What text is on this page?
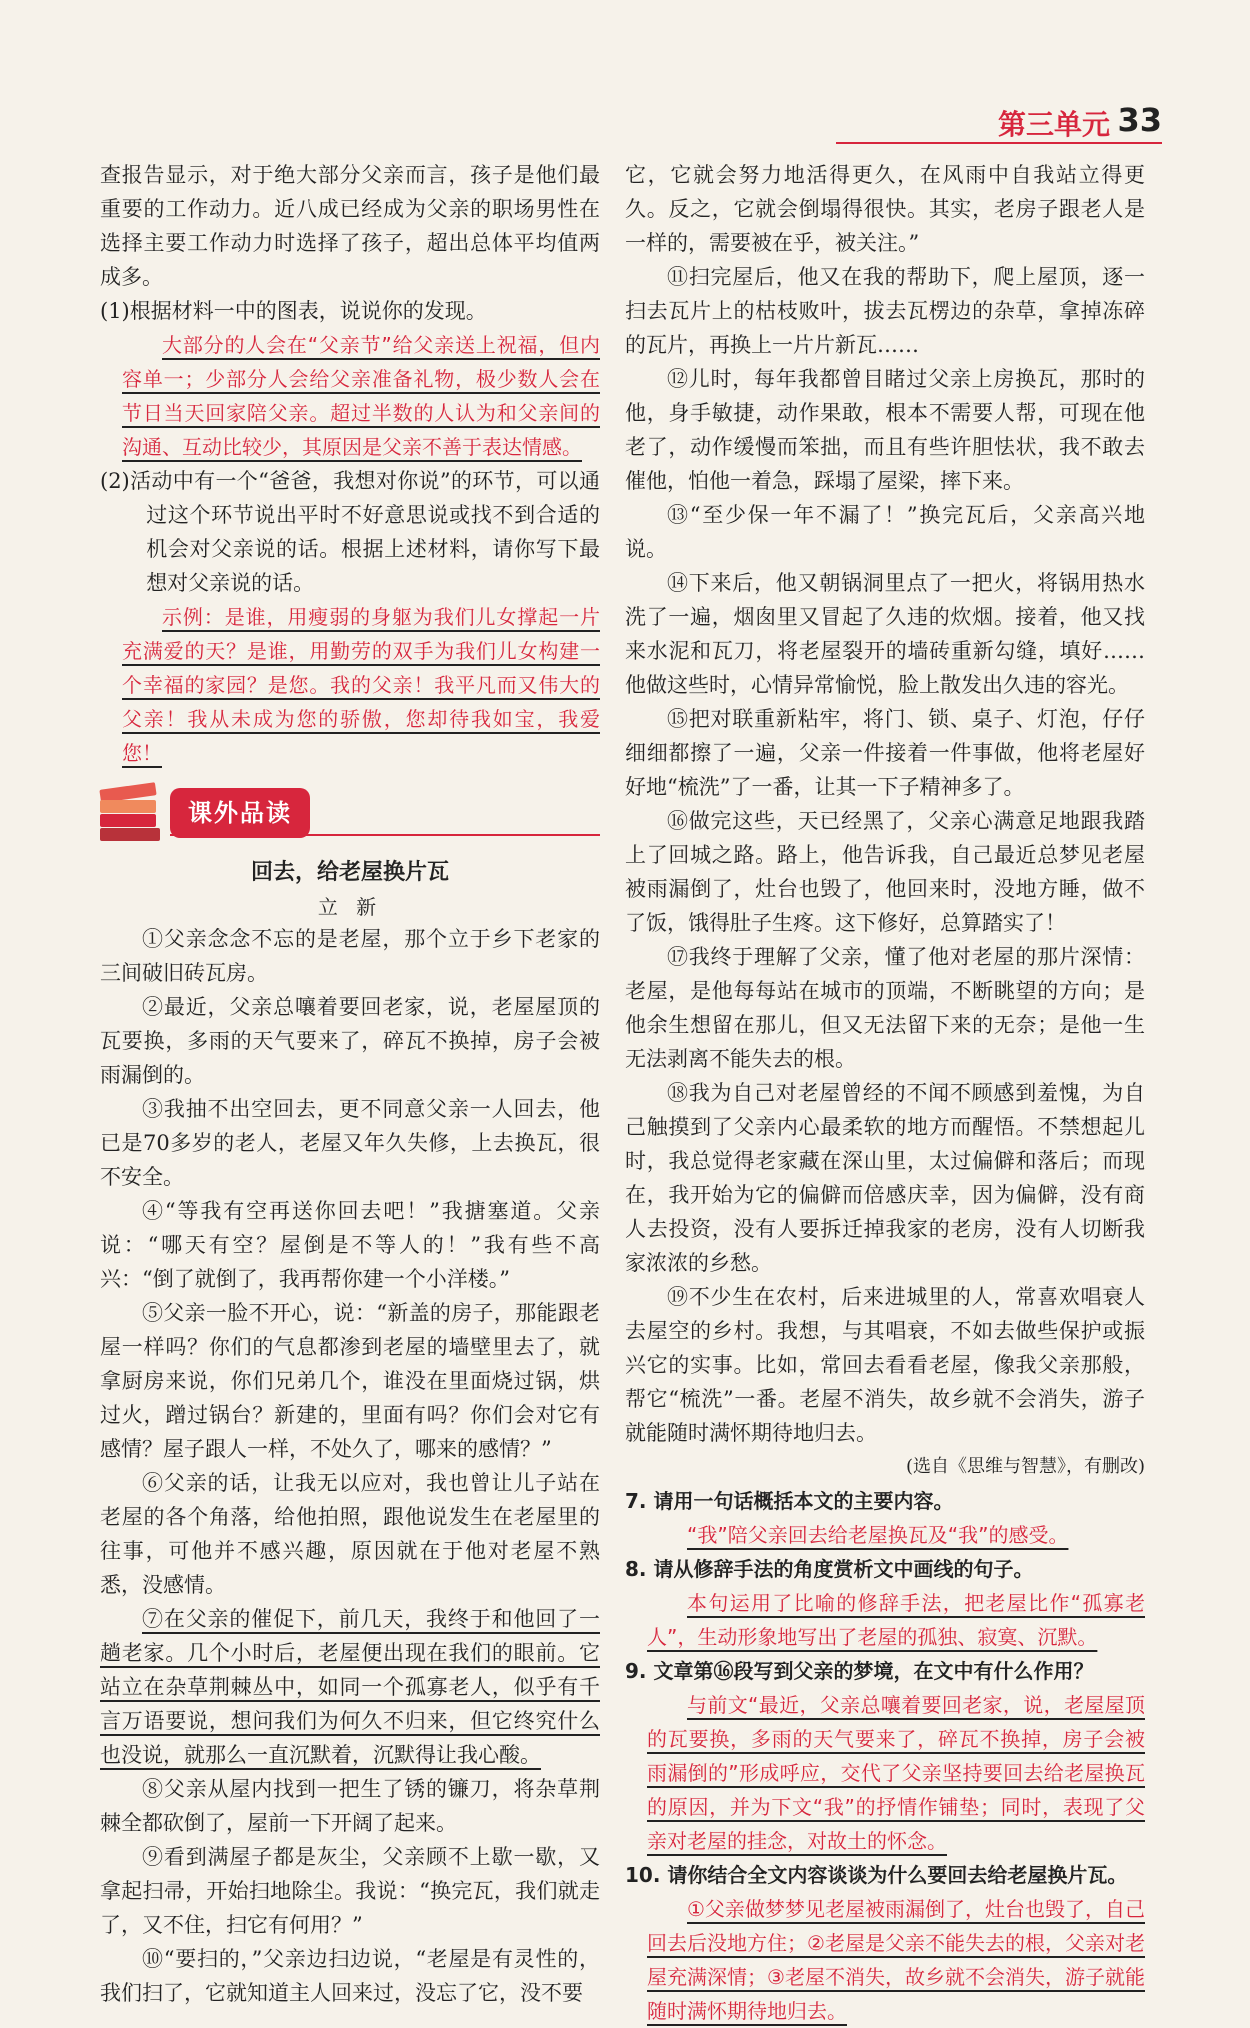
第三单元 33

查报告显示，对于绝大部分父亲而言，孩子是他们最重要的工作动力。近八成已经成为父亲的职场男性在选择主要工作动力时选择了孩子，超出总体平均值两成多。

(1)根据材料一中的图表，说说你的发现。

大部分的人会在“父亲节”给父亲送上祝福，但内容单一；少部分人会给父亲准备礼物，极少数人会在节日当天回家陪父亲。超过半数的人认为和父亲间的沟通、互动比较少，其原因是父亲不善于表达情感。

(2)活动中有一个“爸爸，我想对你说”的环节，可以通过这个环节说出平时不好意思说或找不到合适的机会对父亲说的话。根据上述材料，请你写下最想对父亲说的话。

示例：是谁，用瘦弱的身躯为我们儿女撑起一片充满爱的天？是谁，用勤劳的双手为我们儿女构建一个幸福的家园？是您。我的父亲！我平凡而又伟大的父亲！我从未成为您的骄傲，您却待我如宝，我爱您！

课外品读
回去，给老屋换片瓦
立 新

①父亲念念不忘的是老屋，那个立于乡下老家的三间破旧砖瓦房。

②最近，父亲总嚷着要回老家，说，老屋屋顶的瓦要换，多雨的天气要来了，碎瓦不换掉，房子会被雨漏倒的。

③我抽不出空回去，更不同意父亲一人回去，他已是70多岁的老人，老屋又年久失修，上去换瓦，很不安全。

④“等我有空再送你回去吧！”我搪塞道。父亲说：“哪天有空？屋倒是不等人的！”我有些不高兴：“倒了就倒了，我再帮你建一个小洋楼。”

⑤父亲一脸不开心，说：“新盖的房子，那能跟老屋一样吗？你们的气息都渗到老屋的墙壁里去了，就拿厨房来说，你们兄弟几个，谁没在里面烧过锅，烘过火，蹭过锅台？新建的，里面有吗？你们会对它有感情？屋子跟人一样，不处久了，哪来的感情？”

⑥父亲的话，让我无以应对，我也曾让儿子站在老屋的各个角落，给他拍照，跟他说发生在老屋里的往事，可他并不感兴趣，原因就在于他对老屋不熟悉，没感情。

⑦在父亲的催促下，前几天，我终于和他回了一趟老家。几个小时后，老屋便出现在我们的眼前。它站立在杂草荆棘丛中，如同一个孤寡老人，似乎有千言万语要说，想问我们为何久不归来，但它终究什么也没说，就那么一直沉默着，沉默得让我心酸。

⑧父亲从屋内找到一把生了锈的镰刀，将杂草荆棘全都砍倒了，屋前一下开阔了起来。

⑨看到满屋子都是灰尘，父亲顾不上歇一歇，又拿起扫帚，开始扫地除尘。我说：“换完瓦，我们就走了，又不住，扫它有何用？”

⑩“要扫的，”父亲边扫边说，“老屋是有灵性的，我们扫了，它就知道主人回来过，没忘了它，没不要

它，它就会努力地活得更久，在风雨中自我站立得更久。反之，它就会倒塌得很快。其实，老房子跟老人是一样的，需要被在乎，被关注。”

⑪扫完屋后，他又在我的帮助下，爬上屋顶，逐一扫去瓦片上的枯枝败叶，拔去瓦楞边的杂草，拿掉冻碎的瓦片，再换上一片片新瓦……

⑫儿时，每年我都曾目睹过父亲上房换瓦，那时的他，身手敏捷，动作果敢，根本不需要人帮，可现在他老了，动作缓慢而笨拙，而且有些许胆怯状，我不敢去催他，怕他一着急，踩塌了屋梁，摔下来。

⑬“至少保一年不漏了！”换完瓦后，父亲高兴地说。

⑭下来后，他又朝锅洞里点了一把火，将锅用热水洗了一遍，烟囱里又冒起了久违的炊烟。接着，他又找来水泥和瓦刀，将老屋裂开的墙砖重新勾缝，填好……他做这些时，心情异常愉悦，脸上散发出久违的容光。

⑮把对联重新粘牢，将门、锁、桌子、灯泡，仔仔细细都擦了一遍，父亲一件接着一件事做，他将老屋好好地“梳洗”了一番，让其一下子精神多了。

⑯做完这些，天已经黑了，父亲心满意足地跟我踏上了回城之路。路上，他告诉我，自己最近总梦见老屋被雨漏倒了，灶台也毁了，他回来时，没地方睡，做不了饭，饿得肚子生疼。这下修好，总算踏实了！

⑰我终于理解了父亲，懂了他对老屋的那片深情：老屋，是他每每站在城市的顶端，不断眺望的方向；是他余生想留在那儿，但又无法留下来的无奈；是他一生无法剥离不能失去的根。

⑱我为自己对老屋曾经的不闻不顾感到羞愧，为自己触摸到了父亲内心最柔软的地方而醒悟。不禁想起儿时，我总觉得老家藏在深山里，太过偏僻和落后；而现在，我开始为它的偏僻而倍感庆幸，因为偏僻，没有商人去投资，没有人要拆迁掉我家的老房，没有人切断我家浓浓的乡愁。

⑲不少生在农村，后来进城里的人，常喜欢唱衰人去屋空的乡村。我想，与其唱衰，不如去做些保护或振兴它的实事。比如，常回去看看老屋，像我父亲那般，帮它“梳洗”一番。老屋不消失，故乡就不会消失，游子就能随时满怀期待地归去。

(选自《思维与智慧》，有删改)

7. 请用一句话概括本文的主要内容。

“我”陪父亲回去给老屋换瓦及“我”的感受。

8. 请从修辞手法的角度赏析文中画线的句子。

本句运用了比喻的修辞手法，把老屋比作“孤寡老人”，生动形象地写出了老屋的孤独、寂寞、沉默。

9. 文章第⑯段写到父亲的梦境，在文中有什么作用？

与前文“最近，父亲总嚷着要回老家，说，老屋屋顶的瓦要换，多雨的天气要来了，碎瓦不换掉，房子会被雨漏倒的”形成呼应，交代了父亲坚持要回去给老屋换瓦的原因，并为下文“我”的抒情作铺垫；同时，表现了父亲对老屋的挂念，对故土的怀念。

10. 请你结合全文内容谈谈为什么要回去给老屋换片瓦。

①父亲做梦梦见老屋被雨漏倒了，灶台也毁了，自己回去后没地方住；②老屋是父亲不能失去的根，父亲对老屋充满深情；③老屋不消失，故乡就不会消失，游子就能随时满怀期待地归去。
